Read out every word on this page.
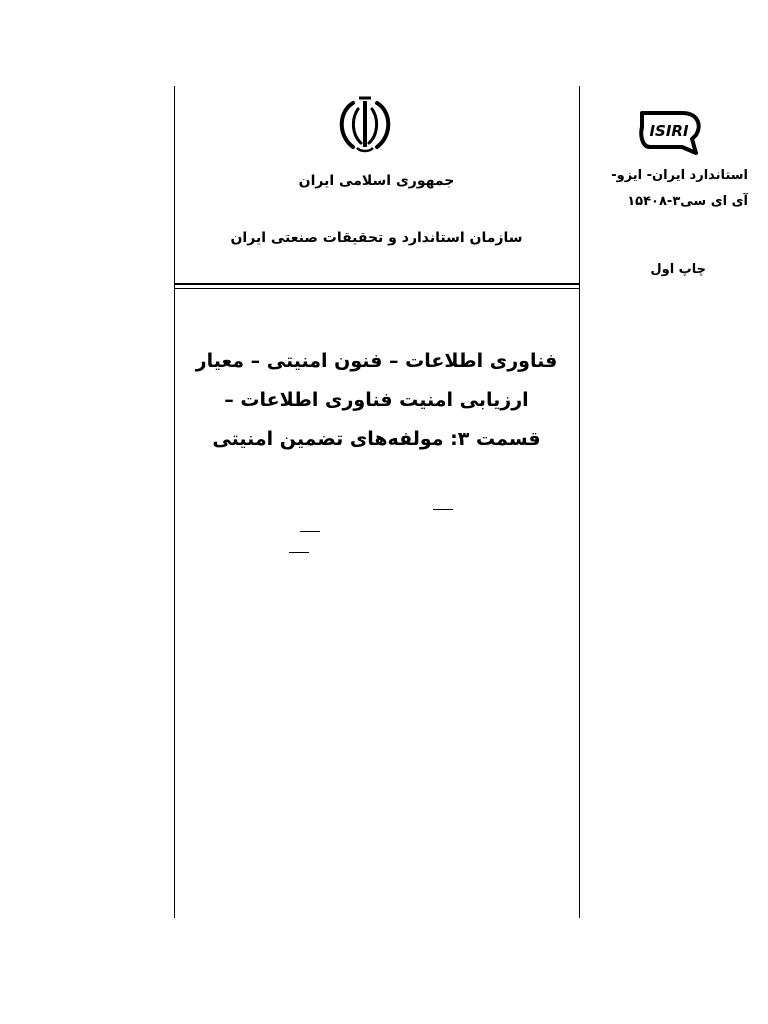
جمهوری اسلامی ایران
سازمان استاندارد و تحقیقات صنعتی ایران
فناوری اطلاعات – فنون امنیتی – معیار
ارزیابی امنیت فناوری اطلاعات –
قسمت ۳: مولفه‌های تضمین امنیتی
ISIRI
استاندارد ایران- ایزو-
آی ای سی۳-۱۵۴۰۸
چاپ اول
